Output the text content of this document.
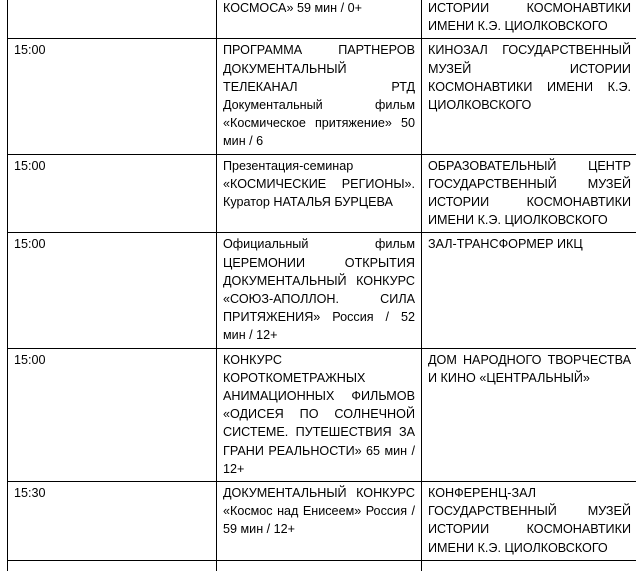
	КОСМОСА» 59 мин / 0+	ИСТОРИИ КОСМОНАВТИКИ ИМЕНИ К.Э. ЦИОЛКОВСКОГО
15:00	ПРОГРАММА ПАРТНЕРОВ ДОКУМЕНТАЛЬНЫЙ ТЕЛЕКАНАЛ РТД Документальный фильм «Космическое притяжение» 50 мин / 6	КИНОЗАЛ ГОСУДАРСТВЕННЫЙ МУЗЕЙ ИСТОРИИ КОСМОНАВТИКИ ИМЕНИ К.Э. ЦИОЛКОВСКОГО
15:00	Презентация-семинар «КОСМИЧЕСКИЕ РЕГИОНЫ». Куратор НАТАЛЬЯ БУРЦЕВА	ОБРАЗОВАТЕЛЬНЫЙ ЦЕНТР ГОСУДАРСТВЕННЫЙ МУЗЕЙ ИСТОРИИ КОСМОНАВТИКИ ИМЕНИ К.Э. ЦИОЛКОВСКОГО
15:00	Официальный фильм ЦЕРЕМОНИИ ОТКРЫТИЯ ДОКУМЕНТАЛЬНЫЙ КОНКУРС «СОЮЗ-АПОЛЛОН. СИЛА ПРИТЯЖЕНИЯ» Россия / 52 мин / 12+	ЗАЛ-ТРАНСФОРМЕР ИКЦ
15:00	КОНКУРС КОРОТКОМЕТРАЖНЫХ АНИМАЦИОННЫХ ФИЛЬМОВ «ОДИСЕЯ ПО СОЛНЕЧНОЙ СИСТЕМЕ. ПУТЕШЕСТВИЯ ЗА ГРАНИ РЕАЛЬНОСТИ» 65 мин / 12+	ДОМ НАРОДНОГО ТВОРЧЕСТВА И КИНО «ЦЕНТРАЛЬНЫЙ»
15:30	ДОКУМЕНТАЛЬНЫЙ КОНКУРС «Космос над Енисеем» Россия / 59 мин / 12+	КОНФЕРЕНЦ-ЗАЛ ГОСУДАРСТВЕННЫЙ МУЗЕЙ ИСТОРИИ КОСМОНАВТИКИ ИМЕНИ К.Э. ЦИОЛКОВСКОГО
